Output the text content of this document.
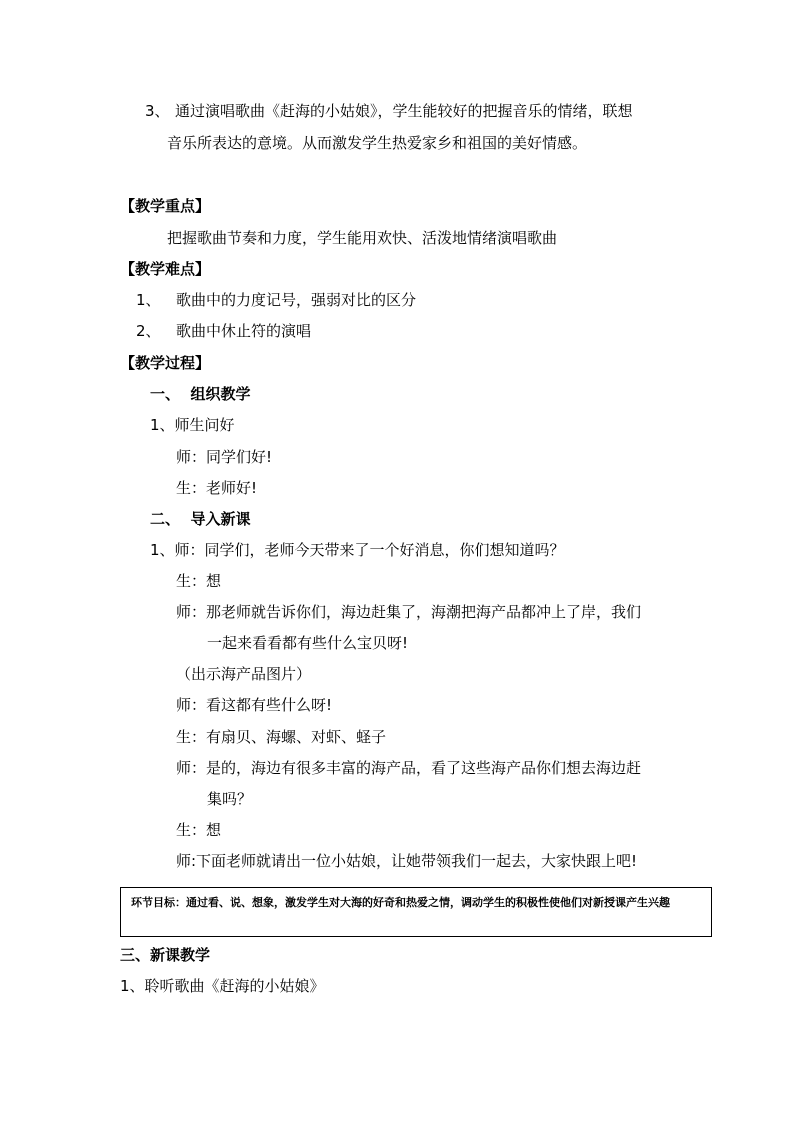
3、 通过演唱歌曲《赶海的小姑娘》，学生能较好的把握音乐的情绪，联想
音乐所表达的意境。从而激发学生热爱家乡和祖国的美好情感。
【教学重点】
把握歌曲节奏和力度，学生能用欢快、活泼地情绪演唱歌曲
【教学难点】
1、 歌曲中的力度记号，强弱对比的区分
2、 歌曲中休止符的演唱
【教学过程】
一、  组织教学
1、师生问好
师：同学们好!
生：老师好!
二、  导入新课
1、师：同学们，老师今天带来了一个好消息，你们想知道吗？
生：想
师：那老师就告诉你们，海边赶集了，海潮把海产品都冲上了岸，我们
一起来看看都有些什么宝贝呀!
（出示海产品图片）
师：看这都有些什么呀!
生：有扇贝、海螺、对虾、蛏子
师：是的，海边有很多丰富的海产品，看了这些海产品你们想去海边赶
集吗？
生：想
师:下面老师就请出一位小姑娘，让她带领我们一起去，大家快跟上吧!
环节目标：通过看、说、想象，激发学生对大海的好奇和热爱之情，调动学生的积极性使他们对新授课产生兴趣
三、新课教学
1、聆听歌曲《赶海的小姑娘》
